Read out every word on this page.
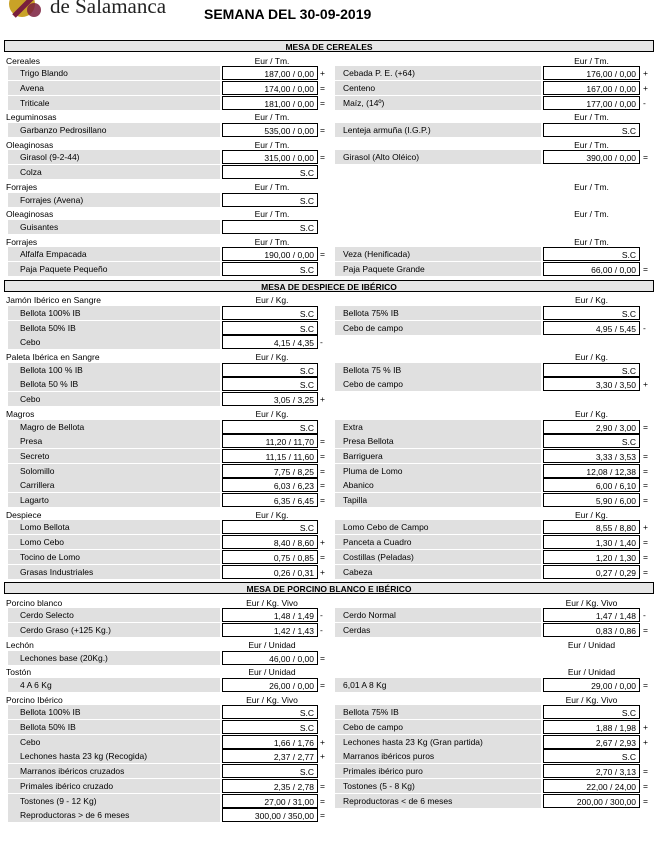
de Salamanca	SEMANA DEL 30-09-2019
MESA DE CEREALES
Cereales	Eur / Tm.	Eur / Tm.
Trigo Blando	187,00 / 0,00 +	Cebada P. E. (+64)	176,00 / 0,00 +
Avena	174,00 / 0,00 =	Centeno	167,00 / 0,00 +
Triticale	181,00 / 0,00 =	Maíz, (14º)	177,00 / 0,00 -
Leguminosas	Eur / Tm.	Eur / Tm.
Garbanzo Pedrosillano	535,00 / 0,00 =	Lenteja armuña (I.G.P.)	S.C
Oleaginosas	Eur / Tm.	Eur / Tm.
Girasol (9-2-44)	315,00 / 0,00 =	Girasol (Alto Oléico)	390,00 / 0,00 =
Colza	S.C
Forrajes	Eur / Tm.	Eur / Tm.
Forrajes (Avena)	S.C
Oleaginosas	Eur / Tm.	Eur / Tm.
Guisantes	S.C
Forrajes	Eur / Tm.	Eur / Tm.
Alfalfa Empacada	190,00 / 0,00 =	Veza (Henificada)	S.C
Paja Paquete Pequeño	S.C	Paja Paquete Grande	66,00 / 0,00 =
MESA DE DESPIECE DE IBÉRICO
Jamón Ibérico en Sangre	Eur / Kg.	Eur / Kg.
Bellota 100% IB	S.C	Bellota 75% IB	S.C
Bellota 50% IB	S.C	Cebo de campo	4,95 / 5,45 -
Cebo	4,15 / 4,35 -
Paleta Ibérica en Sangre	Eur / Kg.	Eur / Kg.
Bellota 100 % IB	S.C	Bellota 75 % IB	S.C
Bellota 50 % IB	S.C	Cebo de campo	3,30 / 3,50 +
Cebo	3,05 / 3,25 +
Magros	Eur / Kg.	Eur / Kg.
Magro de Bellota	S.C	Extra	2,90 / 3,00 =
Presa	11,20 / 11,70 =	Presa Bellota	S.C
Secreto	11,15 / 11,60 =	Barriguera	3,33 / 3,53 =
Solomillo	7,75 / 8,25 =	Pluma de Lomo	12,08 / 12,38 =
Carrillera	6,03 / 6,23 =	Abanico	6,00 / 6,10 =
Lagarto	6,35 / 6,45 =	Tapilla	5,90 / 6,00 =
Despiece	Eur / Kg.	Eur / Kg.
Lomo Bellota	S.C	Lomo Cebo de Campo	8,55 / 8,80 +
Lomo Cebo	8,40 / 8,60 +	Panceta a Cuadro	1,30 / 1,40 =
Tocino de Lomo	0,75 / 0,85 =	Costillas (Peladas)	1,20 / 1,30 =
Grasas Industriales	0,26 / 0,31 +	Cabeza	0,27 / 0,29 =
MESA DE PORCINO BLANCO E IBÉRICO
Porcino blanco	Eur / Kg. Vivo	Eur / Kg. Vivo
Cerdo Selecto	1,48 / 1,49 -	Cerdo Normal	1,47 / 1,48 -
Cerdo Graso (+125 Kg.)	1,42 / 1,43 -	Cerdas	0,83 / 0,86 =
Lechón	Eur / Unidad	Eur / Unidad
Lechones base (20Kg.)	46,00 / 0,00 =
Tostón	Eur / Unidad	Eur / Unidad
4 A 6 Kg	26,00 / 0,00 =	6,01 A 8 Kg	29,00 / 0,00 =
Porcino Ibérico	Eur / Kg. Vivo	Eur / Kg. Vivo
Bellota 100% IB	S.C	Bellota 75% IB	S.C
Bellota 50% IB	S.C	Cebo de campo	1,88 / 1,98 +
Cebo	1,66 / 1,76 +	Lechones hasta 23 Kg (Gran partida)	2,67 / 2,93 +
Lechones hasta 23 kg (Recogida)	2,37 / 2,77 +	Marranos ibéricos puros	S.C
Marranos ibéricos cruzados	S.C	Primales ibérico puro	2,70 / 3,13 =
Primales ibérico cruzado	2,35 / 2,78 =	Tostones (5 - 8 Kg)	22,00 / 24,00 =
Tostones (9 - 12 Kg)	27,00 / 31,00 =	Reproductoras < de 6 meses	200,00 / 300,00 =
Reproductoras > de 6 meses	300,00 / 350,00 =
